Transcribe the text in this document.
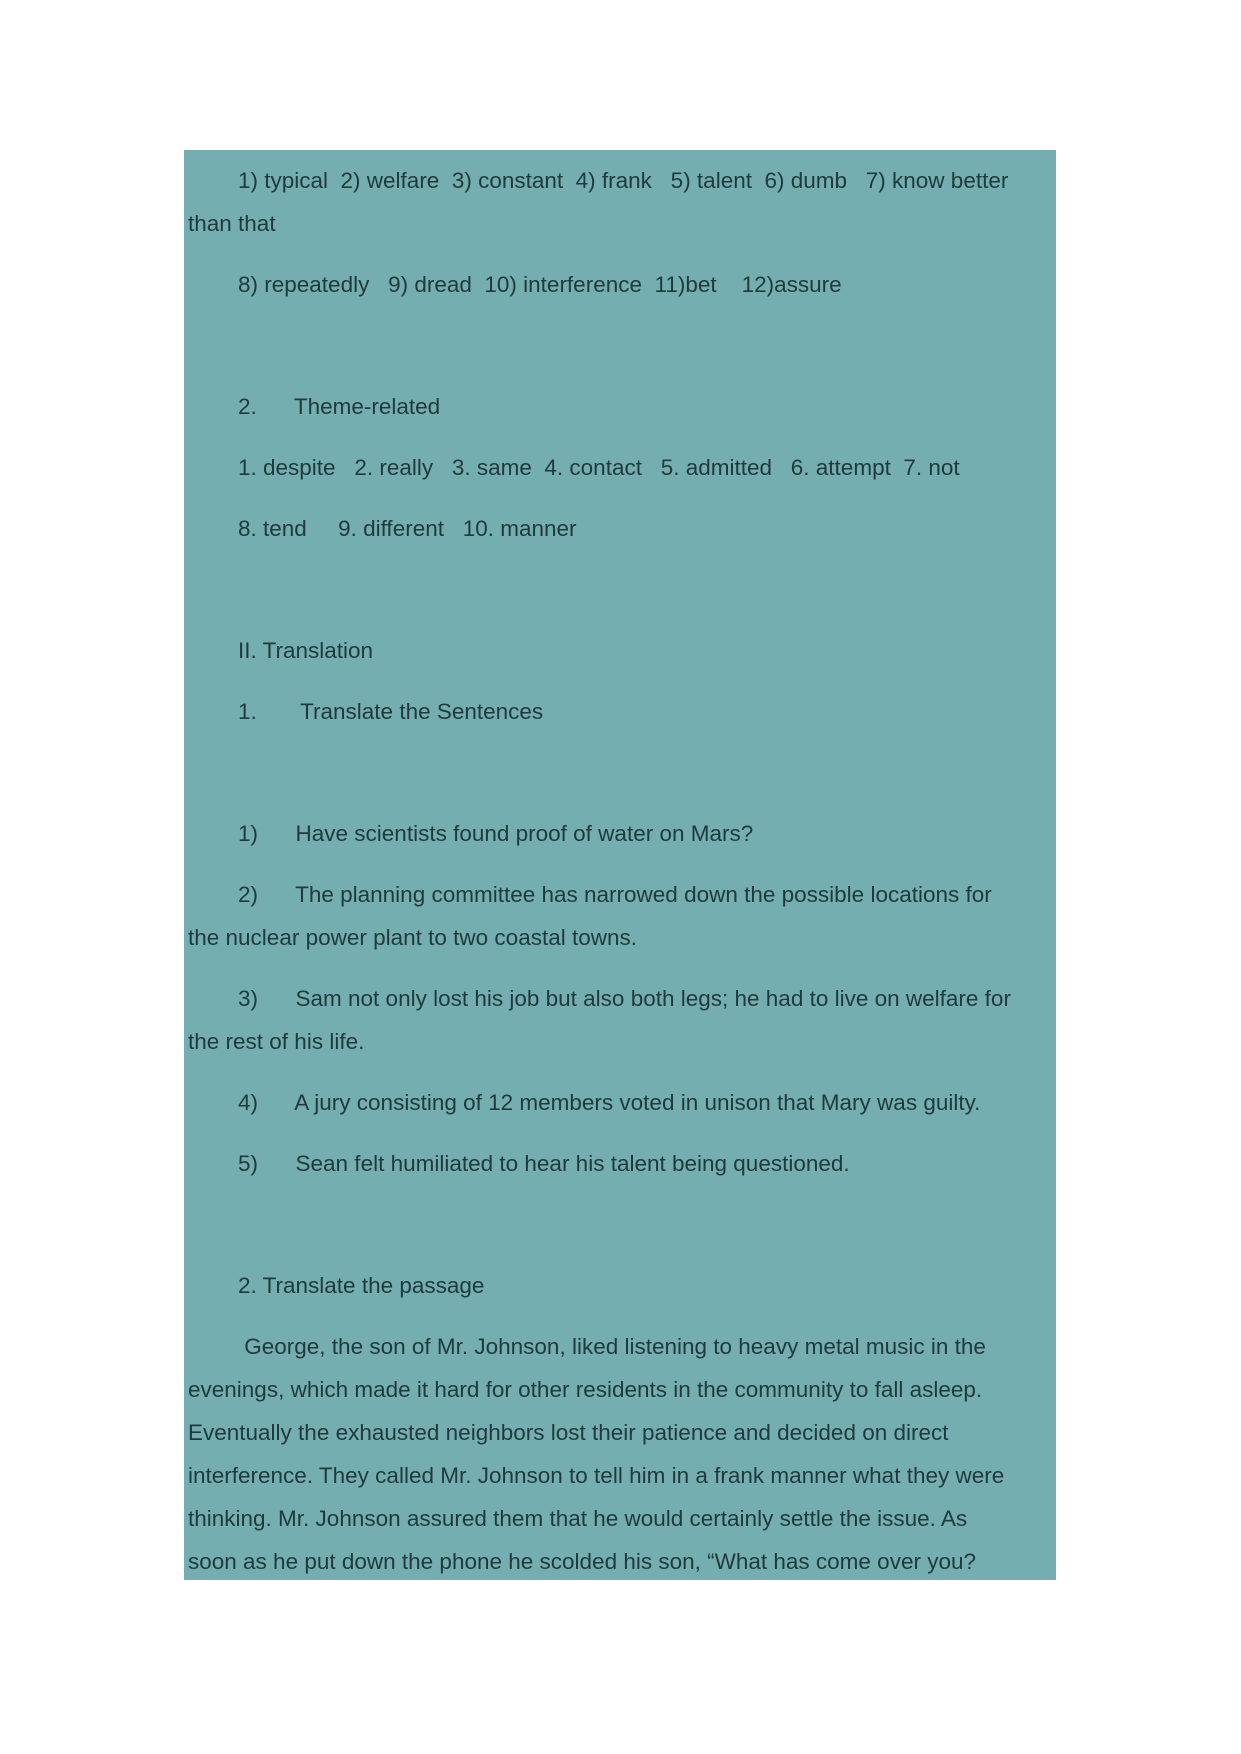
1) typical  2) welfare  3) constant  4) frank   5) talent  6) dumb   7) know better
than that
8) repeatedly   9) dread  10) interference  11)bet    12)assure
2.      Theme-related
1. despite   2. really   3. same  4. contact   5. admitted   6. attempt  7. not
8. tend     9. different   10. manner
II. Translation
1.       Translate the Sentences
1)      Have scientists found proof of water on Mars?
2)      The planning committee has narrowed down the possible locations for
the nuclear power plant to two coastal towns.
3)      Sam not only lost his job but also both legs; he had to live on welfare for
the rest of his life.
4)      A jury consisting of 12 members voted in unison that Mary was guilty.
5)      Sean felt humiliated to hear his talent being questioned.
2. Translate the passage
George, the son of Mr. Johnson, liked listening to heavy metal music in the
evenings, which made it hard for other residents in the community to fall asleep.
Eventually the exhausted neighbors lost their patience and decided on direct
interference. They called Mr. Johnson to tell him in a frank manner what they were
thinking. Mr. Johnson assured them that he would certainly settle the issue. As
soon as he put down the phone he scolded his son, “What has come over you?
